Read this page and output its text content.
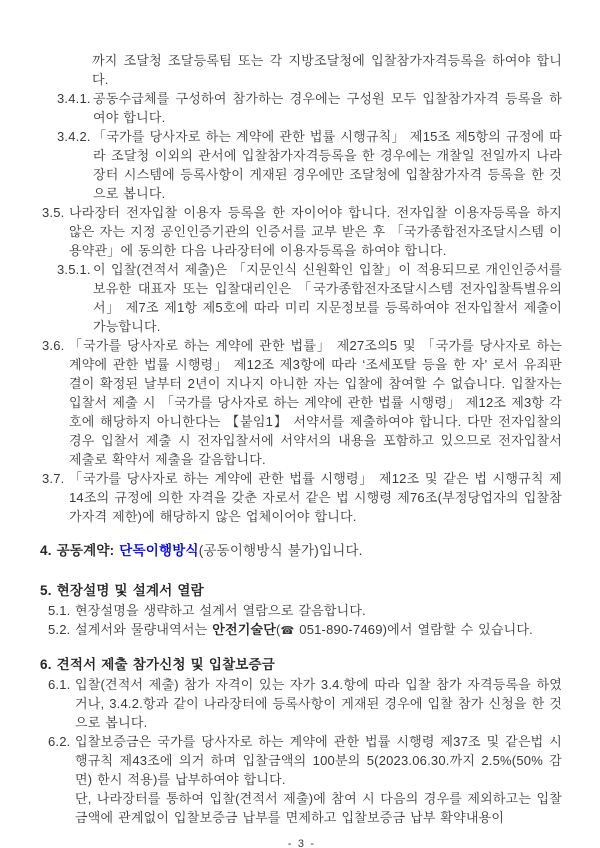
까지 조달청 조달등록팀 또는 각 지방조달청에 입찰참가자격등록을 하여야 합니다.

3.4.1. 공동수급체를 구성하여 참가하는 경우에는 구성원 모두 입찰참가자격 등록을 하여야 합니다.
3.4.2. 「국가를 당사자로 하는 계약에 관한 법률 시행규칙」 제15조 제5항의 규정에 따라 조달청 이외의 관서에 입찰참가자격등록을 한 경우에는 개찰일 전일까지 나라장터 시스템에 등록사항이 게재된 경우에만 조달청에 입찰참가자격 등록을 한 것으로 봅니다.
3.5. 나라장터 전자입찰 이용자 등록을 한 자이어야 합니다. 전자입찰 이용자등록을 하지 않은 자는 지정 공인인증기관의 인증서를 교부 받은 후 「국가종합전자조달시스템 이용약관」에 동의한 다음 나라장터에 이용자등록을 하여야 합니다.
3.5.1. 이 입찰(견적서 제출)은 「지문인식 신원확인 입찰」이 적용되므로 개인인증서를 보유한 대표자 또는 입찰대리인은 「국가종합전자조달시스템 전자입찰특별유의서」 제7조 제1항 제5호에 따라 미리 지문정보를 등록하여야 전자입찰서 제출이 가능합니다.
3.6. 「국가를 당사자로 하는 계약에 관한 법률」 제27조의5 및 「국가를 당사자로 하는 계약에 관한 법률 시행령」 제12조 제3항에 따라 ‘조세포탈 등을 한 자’ 로서 유죄판결이 확정된 날부터 2년이 지나지 아니한 자는 입찰에 참여할 수 없습니다. 입찰자는 입찰서 제출 시 「국가를 당사자로 하는 계약에 관한 법률 시행령」 제12조 제3항 각호에 해당하지 아니한다는 【붙임1】 서약서를 제출하여야 합니다. 다만 전자입찰의 경우 입찰서 제출 시 전자입찰서에 서약서의 내용을 포함하고 있으므로 전자입찰서 제출로 확약서 제출을 갈음합니다.
3.7. 「국가를 당사자로 하는 계약에 관한 법률 시행령」 제12조 및 같은 법 시행규칙 제14조의 규정에 의한 자격을 갖춘 자로서 같은 법 시행령 제76조(부정당업자의 입찰참가자격 제한)에 해당하지 않은 업체이어야 합니다.
4. 공동계약: 단독이행방식(공동이행방식 불가)입니다.
5. 현장설명 및 설계서 열람
5.1. 현장설명을 생략하고 설계서 열람으로 갈음합니다.
5.2. 설계서와 물량내역서는 안전기술단(☎ 051-890-7469)에서 열람할 수 있습니다.
6. 견적서 제출 참가신청 및 입찰보증금
6.1. 입찰(견적서 제출) 참가 자격이 있는 자가 3.4.항에 따라 입찰 참가 자격등록을 하였거나, 3.4.2.항과 같이 나라장터에 등록사항이 게재된 경우에 입찰 참가 신청을 한 것으로 봅니다.
6.2. 입찰보증금은 국가를 당사자로 하는 계약에 관한 법률 시행령 제37조 및 같은법 시행규칙 제43조에 의거 하며 입찰금액의 100분의 5(2023.06.30.까지 2.5%(50% 감면) 한시 적용)를 납부하여야 합니다.
단, 나라장터를 통하여 입찰(견적서 제출)에 참여 시 다음의 경우를 제외하고는 입찰금액에 관계없이 입찰보증금 납부를 면제하고 입찰보증금 납부 확약내용이
- 3 -
